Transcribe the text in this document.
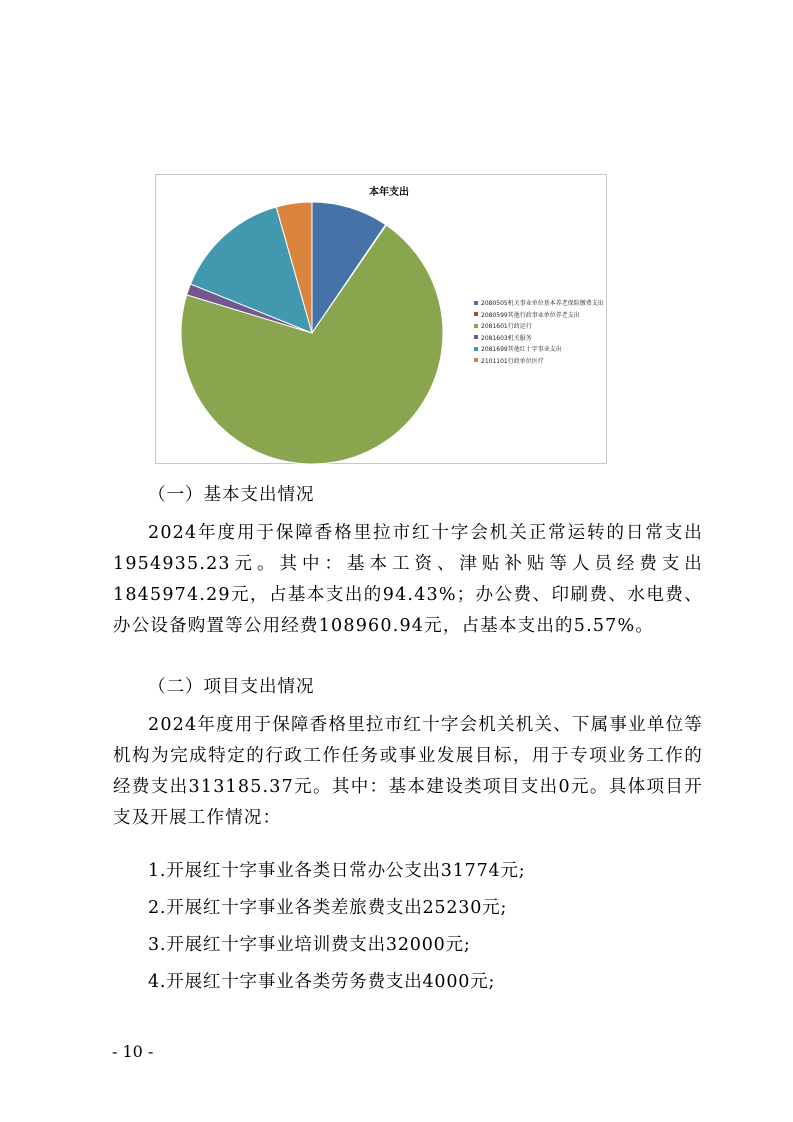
本年支出
2080505机关事业单位基本养老保险缴费支出
2080599其他行政事业单位养老支出
2081601行政运行
2081603机关服务
2081699其他红十字事业支出
2101101行政单位医疗
（一）基本支出情况

2024年度用于保障香格里拉市红十字会机关正常运转的日常支出1954935.23元。其中：基本工资、津贴补贴等人员经费支出1845974.29元，占基本支出的94.43%；办公费、印刷费、水电费、办公设备购置等公用经费108960.94元，占基本支出的5.57%。

（二）项目支出情况

2024年度用于保障香格里拉市红十字会机关机关、下属事业单位等机构为完成特定的行政工作任务或事业发展目标，用于专项业务工作的经费支出313185.37元。其中：基本建设类项目支出0元。具体项目开支及开展工作情况：

1.开展红十字事业各类日常办公支出31774元;
2.开展红十字事业各类差旅费支出25230元;
3.开展红十字事业培训费支出32000元;
4.开展红十字事业各类劳务费支出4000元;
- 10 -
